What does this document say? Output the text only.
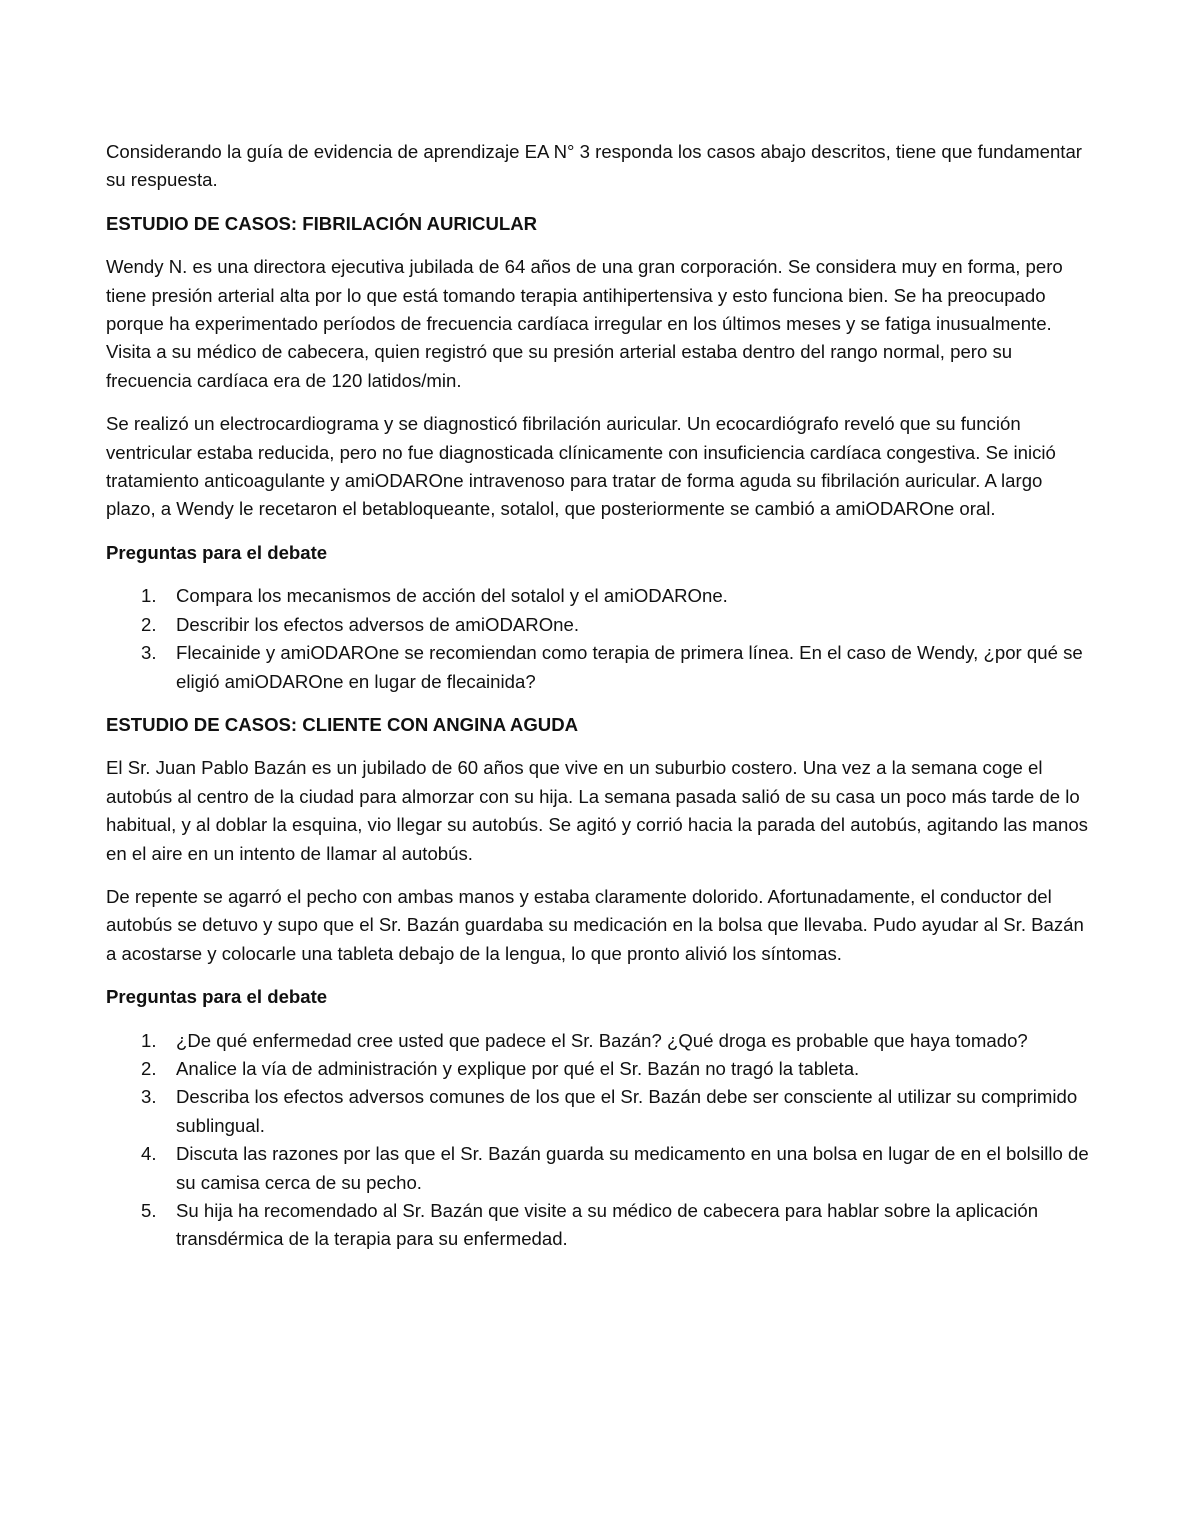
Considerando la guía de evidencia de aprendizaje EA N° 3 responda los casos abajo descritos, tiene que fundamentar su respuesta.

ESTUDIO DE CASOS: FIBRILACIÓN AURICULAR

Wendy N. es una directora ejecutiva jubilada de 64 años de una gran corporación. Se considera muy en forma, pero tiene presión arterial alta por lo que está tomando terapia antihipertensiva y esto funciona bien. Se ha preocupado porque ha experimentado períodos de frecuencia cardíaca irregular en los últimos meses y se fatiga inusualmente. Visita a su médico de cabecera, quien registró que su presión arterial estaba dentro del rango normal, pero su frecuencia cardíaca era de 120 latidos/min.

Se realizó un electrocardiograma y se diagnosticó fibrilación auricular. Un ecocardiógrafo reveló que su función ventricular estaba reducida, pero no fue diagnosticada clínicamente con insuficiencia cardíaca congestiva. Se inició tratamiento anticoagulante y amiODAROne intravenoso para tratar de forma aguda su fibrilación auricular. A largo plazo, a Wendy le recetaron el betabloqueante, sotalol, que posteriormente se cambió a amiODAROne oral.

Preguntas para el debate
1.	Compara los mecanismos de acción del sotalol y el amiODAROne.
2.	Describir los efectos adversos de amiODAROne.
3.	Flecainide y amiODAROne se recomiendan como terapia de primera línea. En el caso de Wendy, ¿por qué se eligió amiODAROne en lugar de flecainida?
ESTUDIO DE CASOS: CLIENTE CON ANGINA AGUDA

El Sr. Juan Pablo Bazán es un jubilado de 60 años que vive en un suburbio costero. Una vez a la semana coge el autobús al centro de la ciudad para almorzar con su hija. La semana pasada salió de su casa un poco más tarde de lo habitual, y al doblar la esquina, vio llegar su autobús. Se agitó y corrió hacia la parada del autobús, agitando las manos en el aire en un intento de llamar al autobús.

De repente se agarró el pecho con ambas manos y estaba claramente dolorido. Afortunadamente, el conductor del autobús se detuvo y supo que el Sr. Bazán guardaba su medicación en la bolsa que llevaba. Pudo ayudar al Sr. Bazán a acostarse y colocarle una tableta debajo de la lengua, lo que pronto alivió los síntomas.

Preguntas para el debate
1.	¿De qué enfermedad cree usted que padece el Sr. Bazán? ¿Qué droga es probable que haya tomado?
2.	Analice la vía de administración y explique por qué el Sr. Bazán no tragó la tableta.
3.	Describa los efectos adversos comunes de los que el Sr. Bazán debe ser consciente al utilizar su comprimido sublingual.
4.	Discuta las razones por las que el Sr. Bazán guarda su medicamento en una bolsa en lugar de en el bolsillo de su camisa cerca de su pecho.
5.	Su hija ha recomendado al Sr. Bazán que visite a su médico de cabecera para hablar sobre la aplicación transdérmica de la terapia para su enfermedad.
